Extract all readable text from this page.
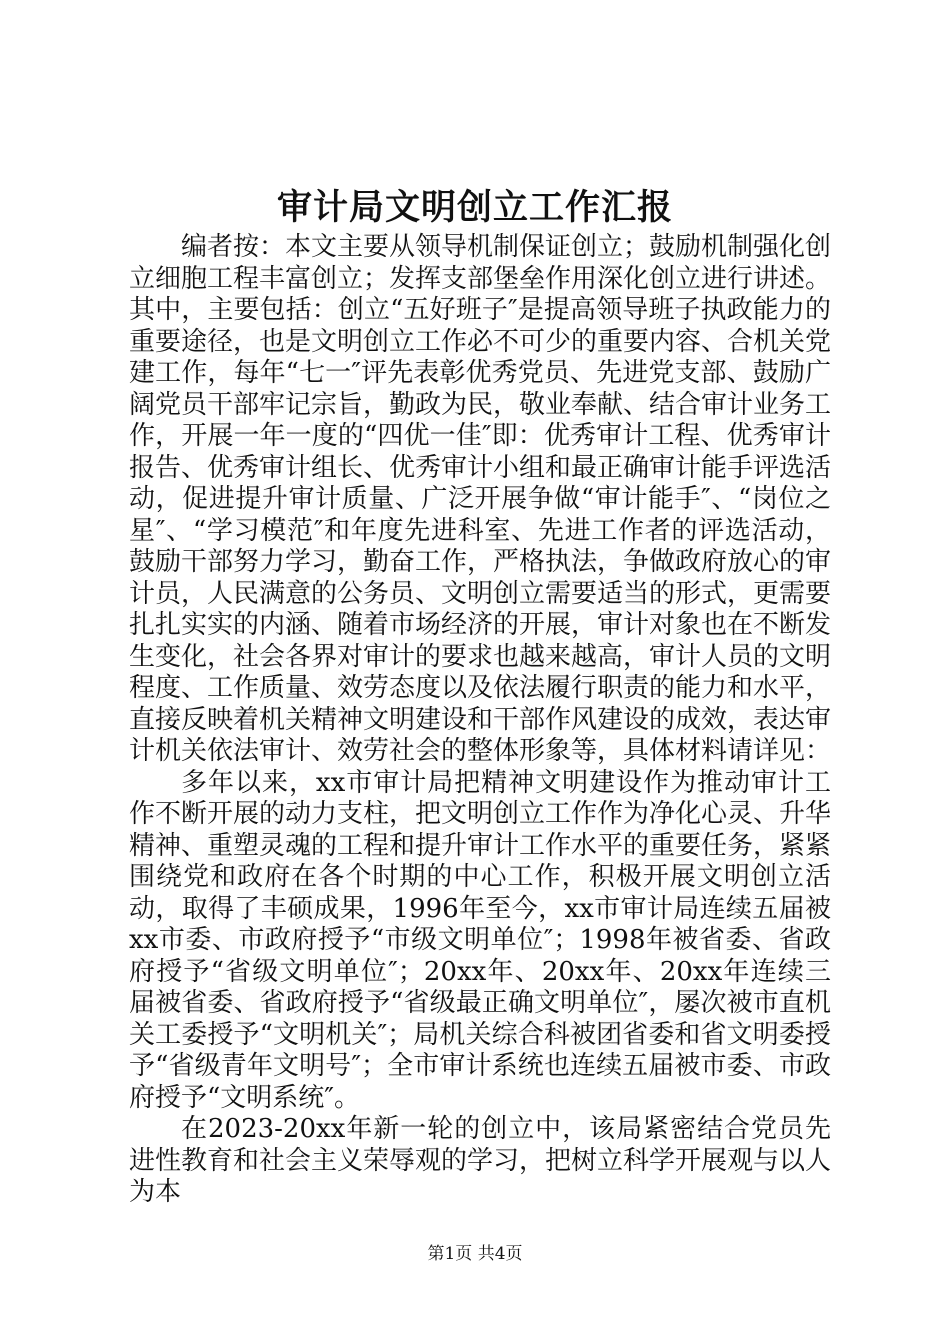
审计局文明创立工作汇报

编者按：本文主要从领导机制保证创立；鼓励机制强化创立细胞工程丰富创立；发挥支部堡垒作用深化创立进行讲述。其中，主要包括：创立“五好班子″是提高领导班子执政能力的重要途径，也是文明创立工作必不可少的重要内容、合机关党建工作，每年“七一″评先表彰优秀党员、先进党支部、鼓励广阔党员干部牢记宗旨，勤政为民，敬业奉献、结合审计业务工作，开展一年一度的“四优一佳″即：优秀审计工程、优秀审计报告、优秀审计组长、优秀审计小组和最正确审计能手评选活动，促进提升审计质量、广泛开展争做“审计能手″、“岗位之星″、“学习模范″和年度先进科室、先进工作者的评选活动，鼓励干部努力学习，勤奋工作，严格执法，争做政府放心的审计员，人民满意的公务员、文明创立需要适当的形式，更需要扎扎实实的内涵、随着市场经济的开展，审计对象也在不断发生变化，社会各界对审计的要求也越来越高，审计人员的文明程度、工作质量、效劳态度以及依法履行职责的能力和水平，直接反映着机关精神文明建设和干部作风建设的成效，表达审计机关依法审计、效劳社会的整体形象等，具体材料请详见：

多年以来，xx市审计局把精神文明建设作为推动审计工作不断开展的动力支柱，把文明创立工作作为净化心灵、升华精神、重塑灵魂的工程和提升审计工作水平的重要任务，紧紧围绕党和政府在各个时期的中心工作，积极开展文明创立活动，取得了丰硕成果，1996年至今，xx市审计局连续五届被xx市委、市政府授予“市级文明单位″；1998年被省委、省政府授予“省级文明单位″；20xx年、20xx年、20xx年连续三届被省委、省政府授予“省级最正确文明单位″，屡次被市直机关工委授予“文明机关″；局机关综合科被团省委和省文明委授予“省级青年文明号″；全市审计系统也连续五届被市委、市政府授予“文明系统″。

在2023-20xx年新一轮的创立中，该局紧密结合党员先进性教育和社会主义荣辱观的学习，把树立科学开展观与以人为本

第1页 共4页
